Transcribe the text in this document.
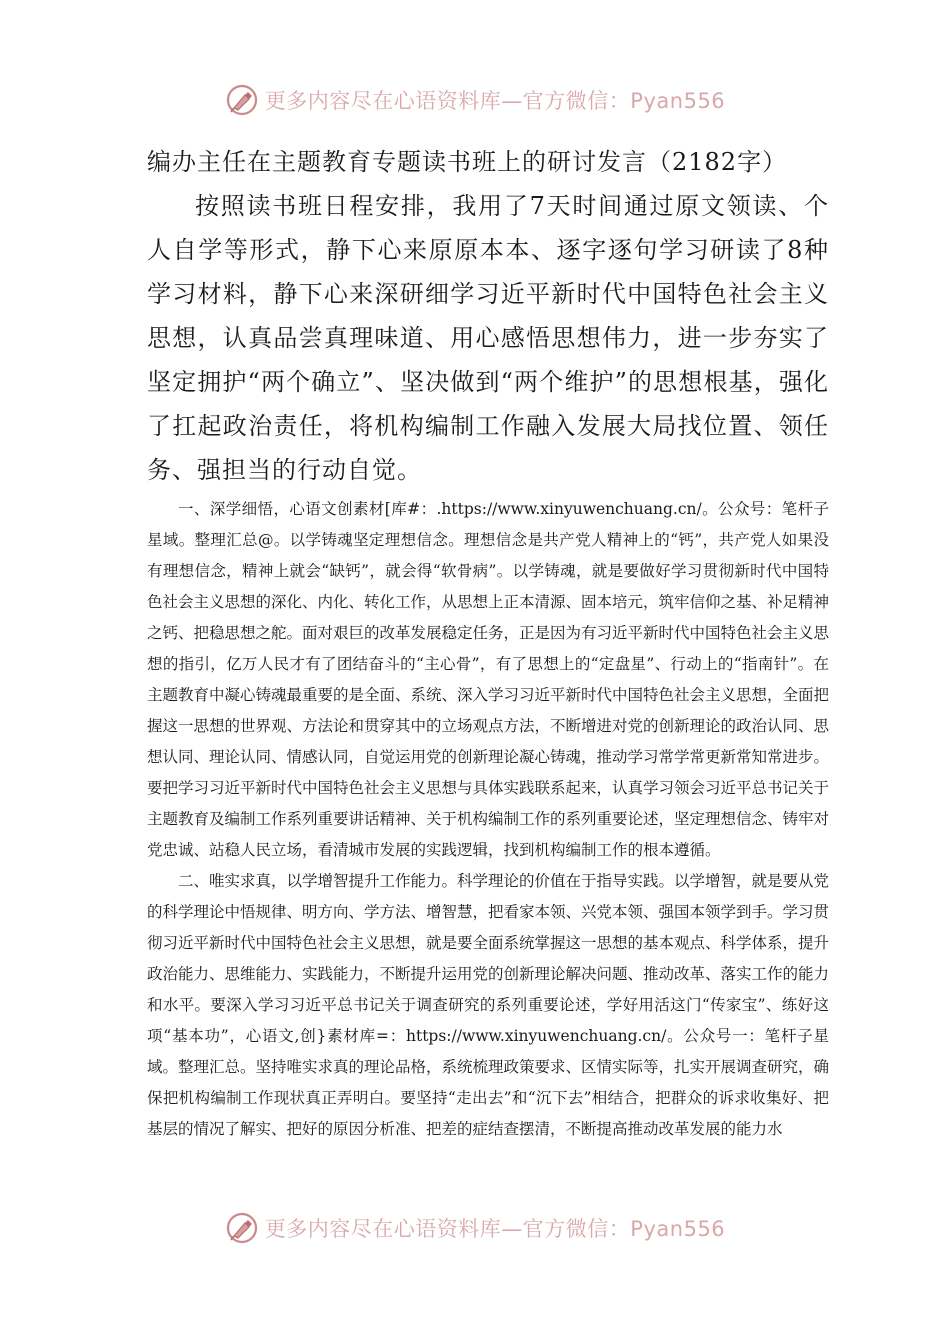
更多内容尽在心语资料库—官方微信：Pyan556

编办主任在主题教育专题读书班上的研讨发言（2182字）

按照读书班日程安排，我用了7天时间通过原文领读、个人自学等形式，静下心来原原本本、逐字逐句学习研读了8种学习材料，静下心来深研细学习近平新时代中国特色社会主义思想，认真品尝真理味道、用心感悟思想伟力，进一步夯实了坚定拥护“两个确立”、坚决做到“两个维护”的思想根基，强化了扛起政治责任，将机构编制工作融入发展大局找位置、领任务、强担当的行动自觉。

一、深学细悟，心语文创素材[库#：.https://www.xinyuwenchuang.cn/。公众号：笔杆子星域。整理汇总@。以学铸魂坚定理想信念。理想信念是共产党人精神上的“钙”，共产党人如果没有理想信念，精神上就会“缺钙”，就会得“软骨病”。以学铸魂，就是要做好学习贯彻新时代中国特色社会主义思想的深化、内化、转化工作，从思想上正本清源、固本培元，筑牢信仰之基、补足精神之钙、把稳思想之舵。面对艰巨的改革发展稳定任务，正是因为有习近平新时代中国特色社会主义思想的指引，亿万人民才有了团结奋斗的“主心骨”，有了思想上的“定盘星”、行动上的“指南针”。在主题教育中凝心铸魂最重要的是全面、系统、深入学习习近平新时代中国特色社会主义思想，全面把握这一思想的世界观、方法论和贯穿其中的立场观点方法，不断增进对党的创新理论的政治认同、思想认同、理论认同、情感认同，自觉运用党的创新理论凝心铸魂，推动学习常学常更新常知常进步。要把学习习近平新时代中国特色社会主义思想与具体实践联系起来，认真学习领会习近平总书记关于主题教育及编制工作系列重要讲话精神、关于机构编制工作的系列重要论述，坚定理想信念、铸牢对党忠诚、站稳人民立场，看清城市发展的实践逻辑，找到机构编制工作的根本遵循。

二、唯实求真，以学增智提升工作能力。科学理论的价值在于指导实践。以学增智，就是要从党的科学理论中悟规律、明方向、学方法、增智慧，把看家本领、兴党本领、强国本领学到手。学习贯彻习近平新时代中国特色社会主义思想，就是要全面系统掌握这一思想的基本观点、科学体系，提升政治能力、思维能力、实践能力，不断提升运用党的创新理论解决问题、推动改革、落实工作的能力和水平。要深入学习习近平总书记关于调查研究的系列重要论述，学好用活这门“传家宝”、练好这项“基本功”，心语文,创}素材库=：https://www.xinyuwenchuang.cn/。公众号一：笔杆子星域。整理汇总。坚持唯实求真的理论品格，系统梳理政策要求、区情实际等，扎实开展调查研究，确保把机构编制工作现状真正弄明白。要坚持“走出去”和“沉下去”相结合，把群众的诉求收集好、把基层的情况了解实、把好的原因分析准、把差的症结查摆清，不断提高推动改革发展的能力水

更多内容尽在心语资料库—官方微信：Pyan556
